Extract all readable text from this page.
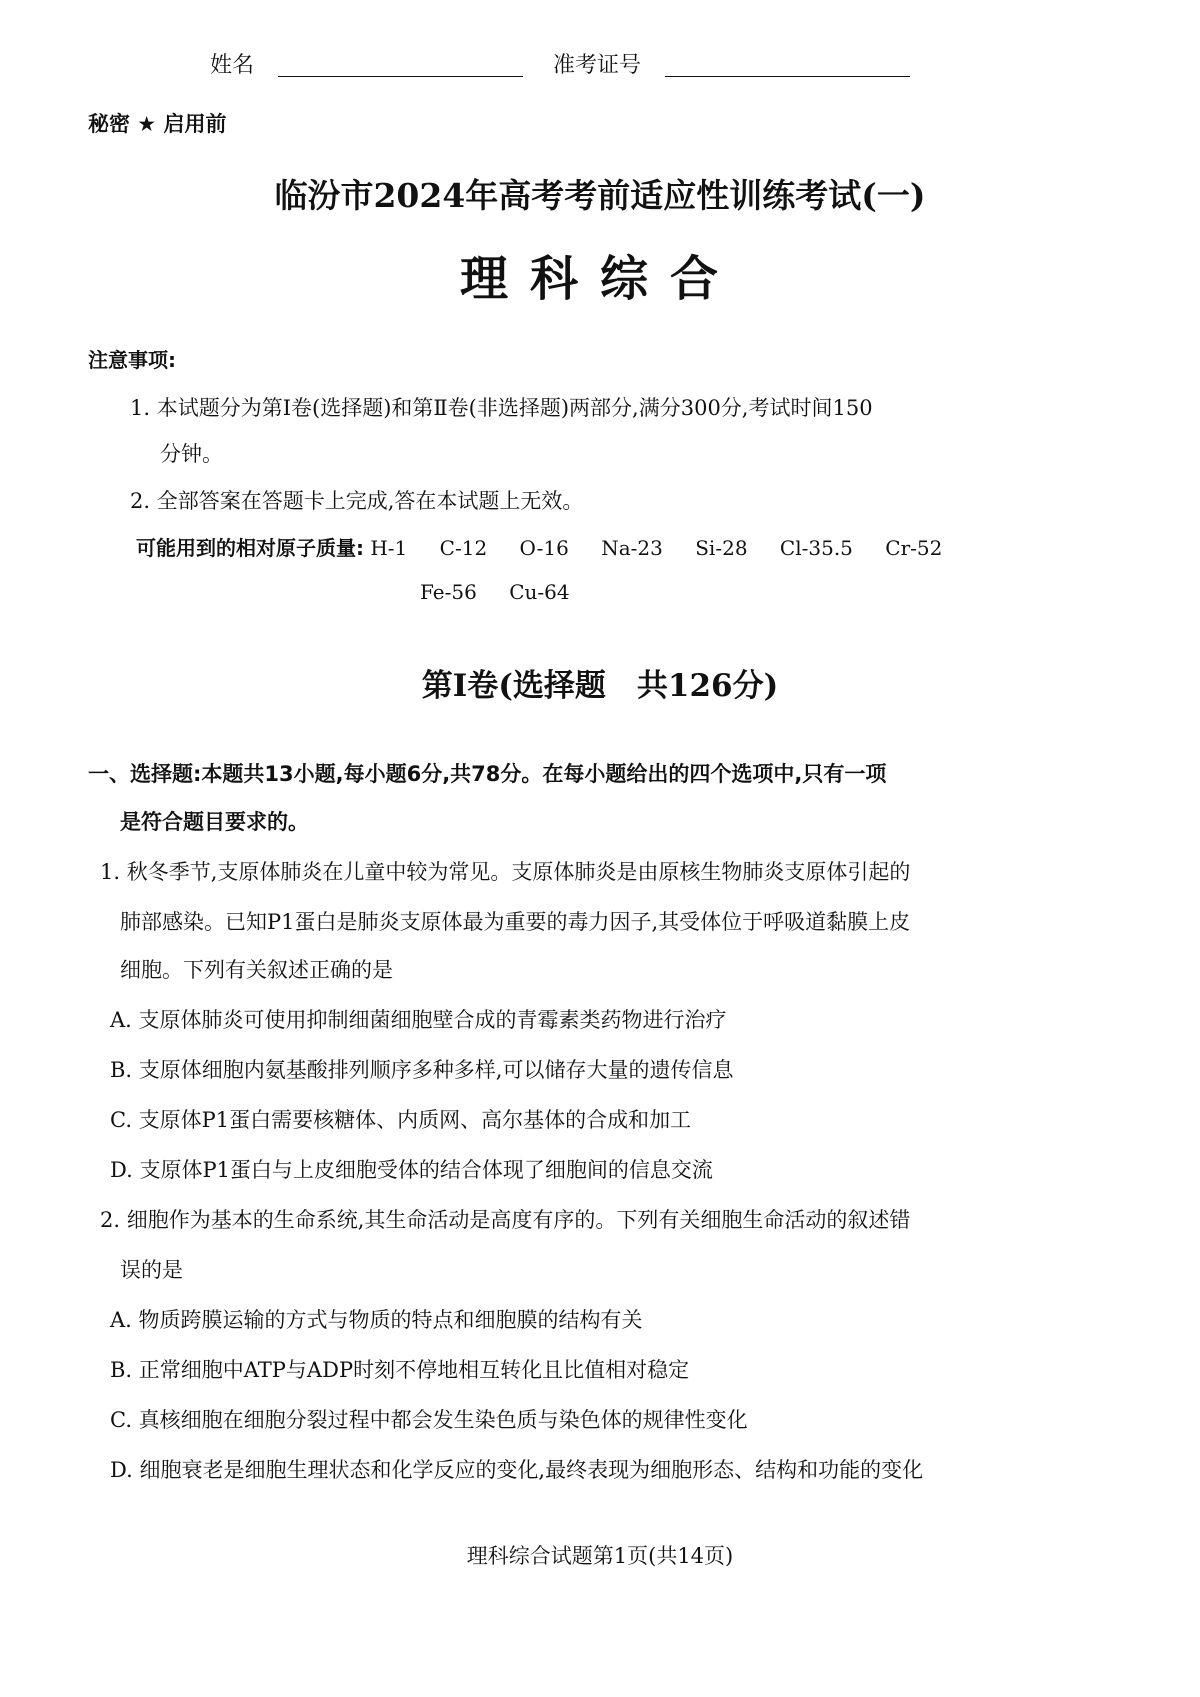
姓名	准考证号
秘密 ★ 启用前
临汾市2024年高考考前适应性训练考试(一)
理科综合
注意事项:
1. 本试题分为第Ⅰ卷(选择题)和第Ⅱ卷(非选择题)两部分,满分300分,考试时间150
分钟。
2. 全部答案在答题卡上完成,答在本试题上无效。
可能用到的相对原子质量: H-1 C-12 O-16 Na-23 Si-28 Cl-35.5 Cr-52
Fe-56 Cu-64
第Ⅰ卷(选择题　共126分)
一、选择题:本题共13小题,每小题6分,共78分。在每小题给出的四个选项中,只有一项
是符合题目要求的。
1. 秋冬季节,支原体肺炎在儿童中较为常见。支原体肺炎是由原核生物肺炎支原体引起的
肺部感染。已知P1蛋白是肺炎支原体最为重要的毒力因子,其受体位于呼吸道黏膜上皮
细胞。下列有关叙述正确的是
A. 支原体肺炎可使用抑制细菌细胞壁合成的青霉素类药物进行治疗
B. 支原体细胞内氨基酸排列顺序多种多样,可以储存大量的遗传信息
C. 支原体P1蛋白需要核糖体、内质网、高尔基体的合成和加工
D. 支原体P1蛋白与上皮细胞受体的结合体现了细胞间的信息交流
2. 细胞作为基本的生命系统,其生命活动是高度有序的。下列有关细胞生命活动的叙述错
误的是
A. 物质跨膜运输的方式与物质的特点和细胞膜的结构有关
B. 正常细胞中ATP与ADP时刻不停地相互转化且比值相对稳定
C. 真核细胞在细胞分裂过程中都会发生染色质与染色体的规律性变化
D. 细胞衰老是细胞生理状态和化学反应的变化,最终表现为细胞形态、结构和功能的变化
理科综合试题第1页(共14页)
